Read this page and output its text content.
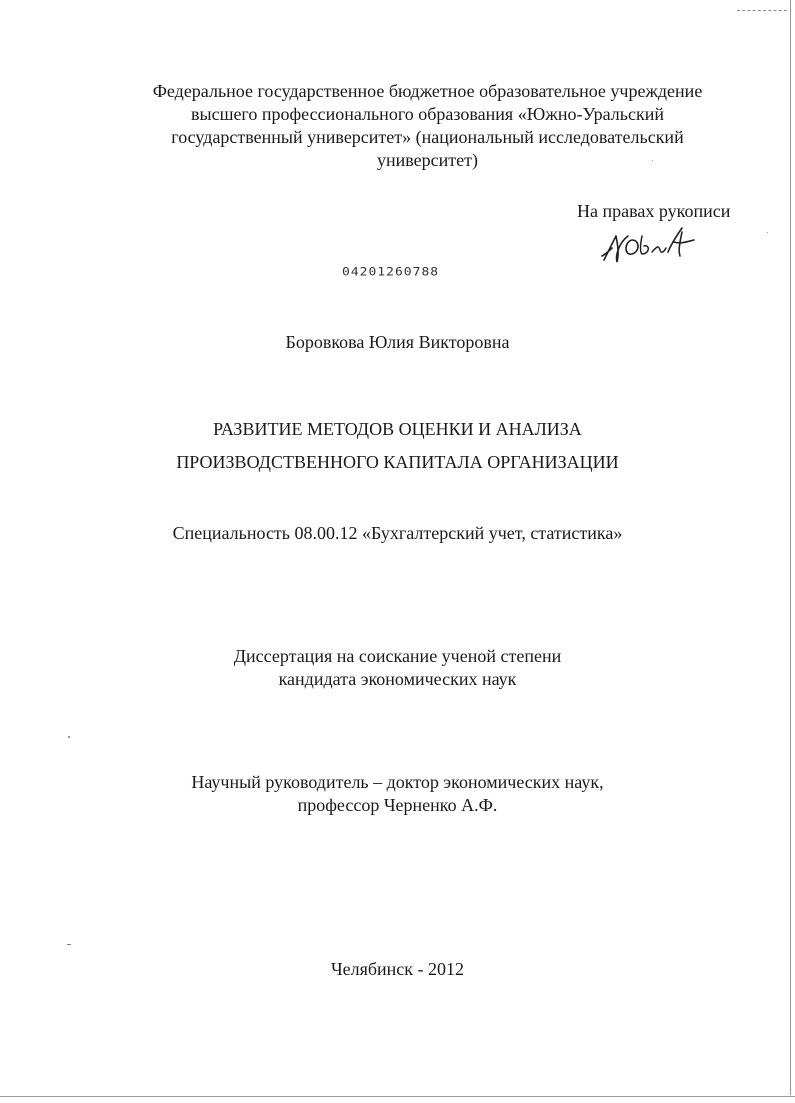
Федеральное государственное бюджетное образовательное учреждение
высшего профессионального образования «Южно-Уральский
государственный университет» (национальный исследовательский
университет)
На правах рукописи
04201260788
Боровкова Юлия Викторовна
РАЗВИТИЕ МЕТОДОВ ОЦЕНКИ И АНАЛИЗА
ПРОИЗВОДСТВЕННОГО КАПИТАЛА ОРГАНИЗАЦИИ
Специальность 08.00.12 «Бухгалтерский учет, статистика»
Диссертация на соискание ученой степени
кандидата экономических наук
Научный руководитель – доктор экономических наук,
профессор Черненко А.Ф.
Челябинск - 2012
